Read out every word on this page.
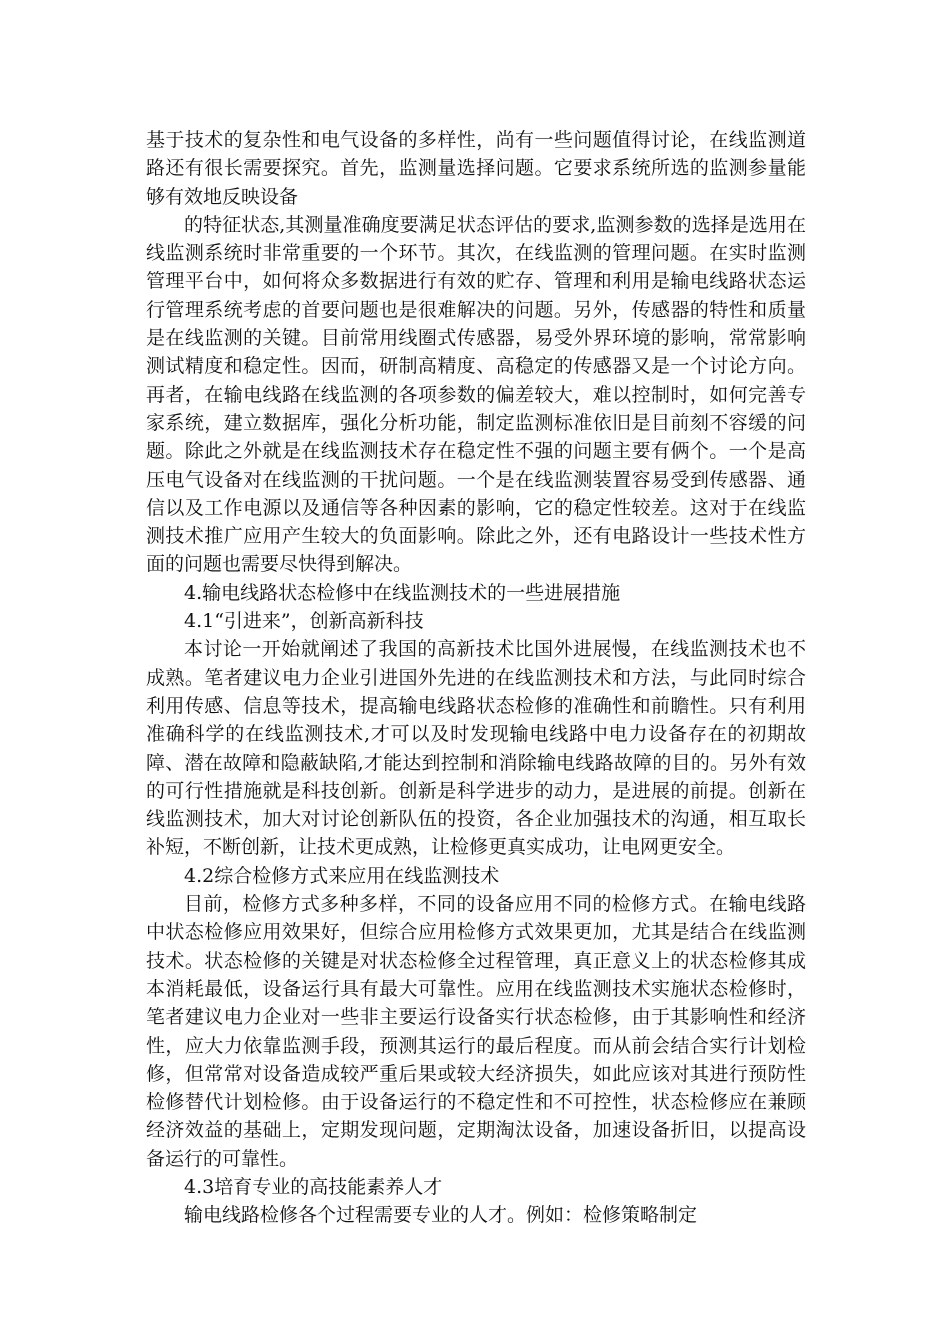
基于技术的复杂性和电气设备的多样性，尚有一些问题值得讨论，在线监测道路还有很长需要探究。首先，监测量选择问题。它要求系统所选的监测参量能够有效地反映设备

的特征状态,其测量准确度要满足状态评估的要求,监测参数的选择是选用在线监测系统时非常重要的一个环节。其次，在线监测的管理问题。在实时监测管理平台中，如何将众多数据进行有效的贮存、管理和利用是输电线路状态运行管理系统考虑的首要问题也是很难解决的问题。另外，传感器的特性和质量是在线监测的关键。目前常用线圈式传感器，易受外界环境的影响，常常影响测试精度和稳定性。因而，研制高精度、高稳定的传感器又是一个讨论方向。再者，在输电线路在线监测的各项参数的偏差较大，难以控制时，如何完善专家系统，建立数据库，强化分析功能，制定监测标准依旧是目前刻不容缓的问题。除此之外就是在线监测技术存在稳定性不强的问题主要有俩个。一个是高压电气设备对在线监测的干扰问题。一个是在线监测装置容易受到传感器、通信以及工作电源以及通信等各种因素的影响，它的稳定性较差。这对于在线监测技术推广应用产生较大的负面影响。除此之外，还有电路设计一些技术性方面的问题也需要尽快得到解决。

4.输电线路状态检修中在线监测技术的一些进展措施

4.1“引进来”，创新高新科技

本讨论一开始就阐述了我国的高新技术比国外进展慢，在线监测技术也不成熟。笔者建议电力企业引进国外先进的在线监测技术和方法，与此同时综合利用传感、信息等技术，提高输电线路状态检修的准确性和前瞻性。只有利用准确科学的在线监测技术,才可以及时发现输电线路中电力设备存在的初期故障、潜在故障和隐蔽缺陷,才能达到控制和消除输电线路故障的目的。另外有效的可行性措施就是科技创新。创新是科学进步的动力，是进展的前提。创新在线监测技术，加大对讨论创新队伍的投资，各企业加强技术的沟通，相互取长补短，不断创新，让技术更成熟，让检修更真实成功，让电网更安全。

4.2综合检修方式来应用在线监测技术

目前，检修方式多种多样，不同的设备应用不同的检修方式。在输电线路中状态检修应用效果好，但综合应用检修方式效果更加，尤其是结合在线监测技术。状态检修的关键是对状态检修全过程管理，真正意义上的状态检修其成本消耗最低，设备运行具有最大可靠性。应用在线监测技术实施状态检修时，笔者建议电力企业对一些非主要运行设备实行状态检修，由于其影响性和经济性，应大力依靠监测手段，预测其运行的最后程度。而从前会结合实行计划检修，但常常对设备造成较严重后果或较大经济损失，如此应该对其进行预防性检修替代计划检修。由于设备运行的不稳定性和不可控性，状态检修应在兼顾经济效益的基础上，定期发现问题，定期淘汰设备，加速设备折旧，以提高设备运行的可靠性。

4.3培育专业的高技能素养人才

输电线路检修各个过程需要专业的人才。例如：检修策略制定
